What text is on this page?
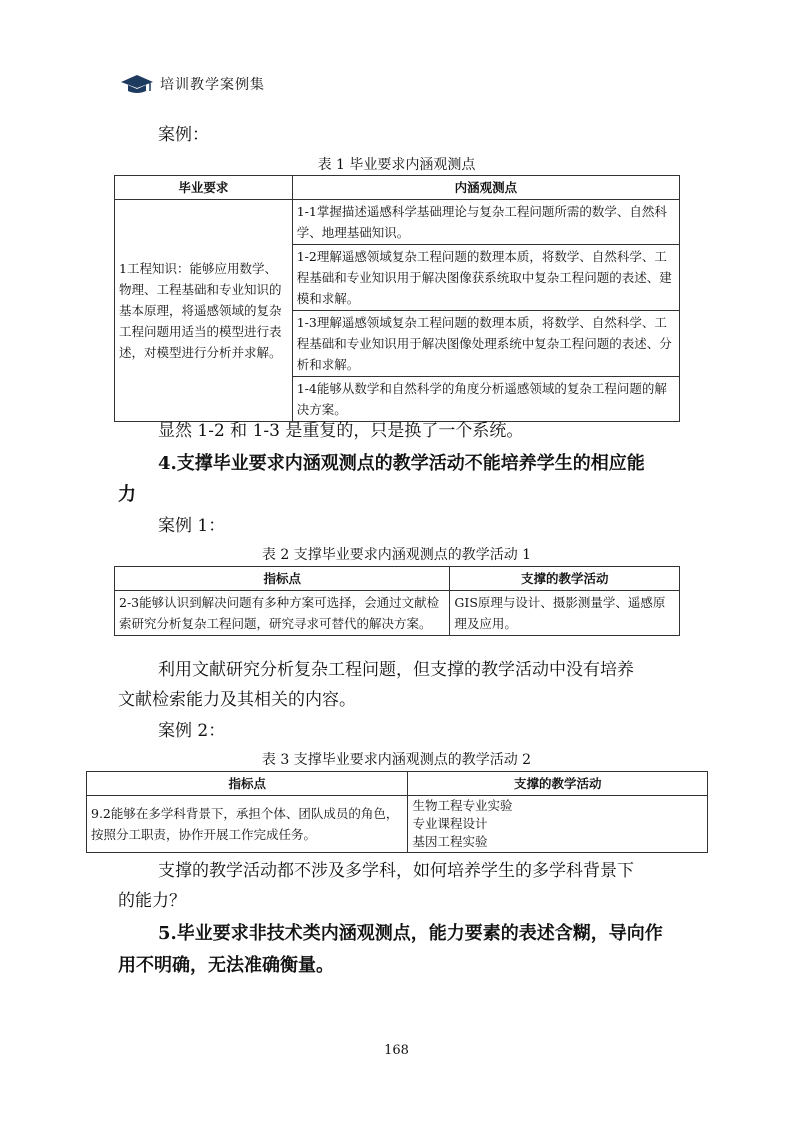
培训教学案例集
案例：
表 1 毕业要求内涵观测点
毕业要求	内涵观测点
1工程知识：能够应用数学、物理、工程基础和专业知识的基本原理，将遥感领域的复杂工程问题用适当的模型进行表述，对模型进行分析并求解。	1-1掌握描述遥感科学基础理论与复杂工程问题所需的数学、自然科学、地理基础知识。
	1-2理解遥感领域复杂工程问题的数理本质，将数学、自然科学、工程基础和专业知识用于解决图像获系统取中复杂工程问题的表述、建模和求解。
	1-3理解遥感领域复杂工程问题的数理本质，将数学、自然科学、工程基础和专业知识用于解决图像处理系统中复杂工程问题的表述、分析和求解。
	1-4能够从数学和自然科学的角度分析遥感领域的复杂工程问题的解决方案。
显然 1-2 和 1-3 是重复的，只是换了一个系统。
4.支撑毕业要求内涵观测点的教学活动不能培养学生的相应能
力
案例 1：
表 2 支撑毕业要求内涵观测点的教学活动 1
指标点	支撑的教学活动
2-3能够认识到解决问题有多种方案可选择，会通过文献检索研究分析复杂工程问题，研究寻求可替代的解决方案。	GIS原理与设计、摄影测量学、遥感原理及应用。
利用文献研究分析复杂工程问题，但支撑的教学活动中没有培养
文献检索能力及其相关的内容。
案例 2：
表 3 支撑毕业要求内涵观测点的教学活动 2
指标点	支撑的教学活动
9.2能够在多学科背景下，承担个体、团队成员的角色，按照分工职责，协作开展工作完成任务。	生物工程专业实验
专业课程设计
基因工程实验
支撑的教学活动都不涉及多学科，如何培养学生的多学科背景下
的能力？
5.毕业要求非技术类内涵观测点，能力要素的表述含糊，导向作
用不明确，无法准确衡量。
168
